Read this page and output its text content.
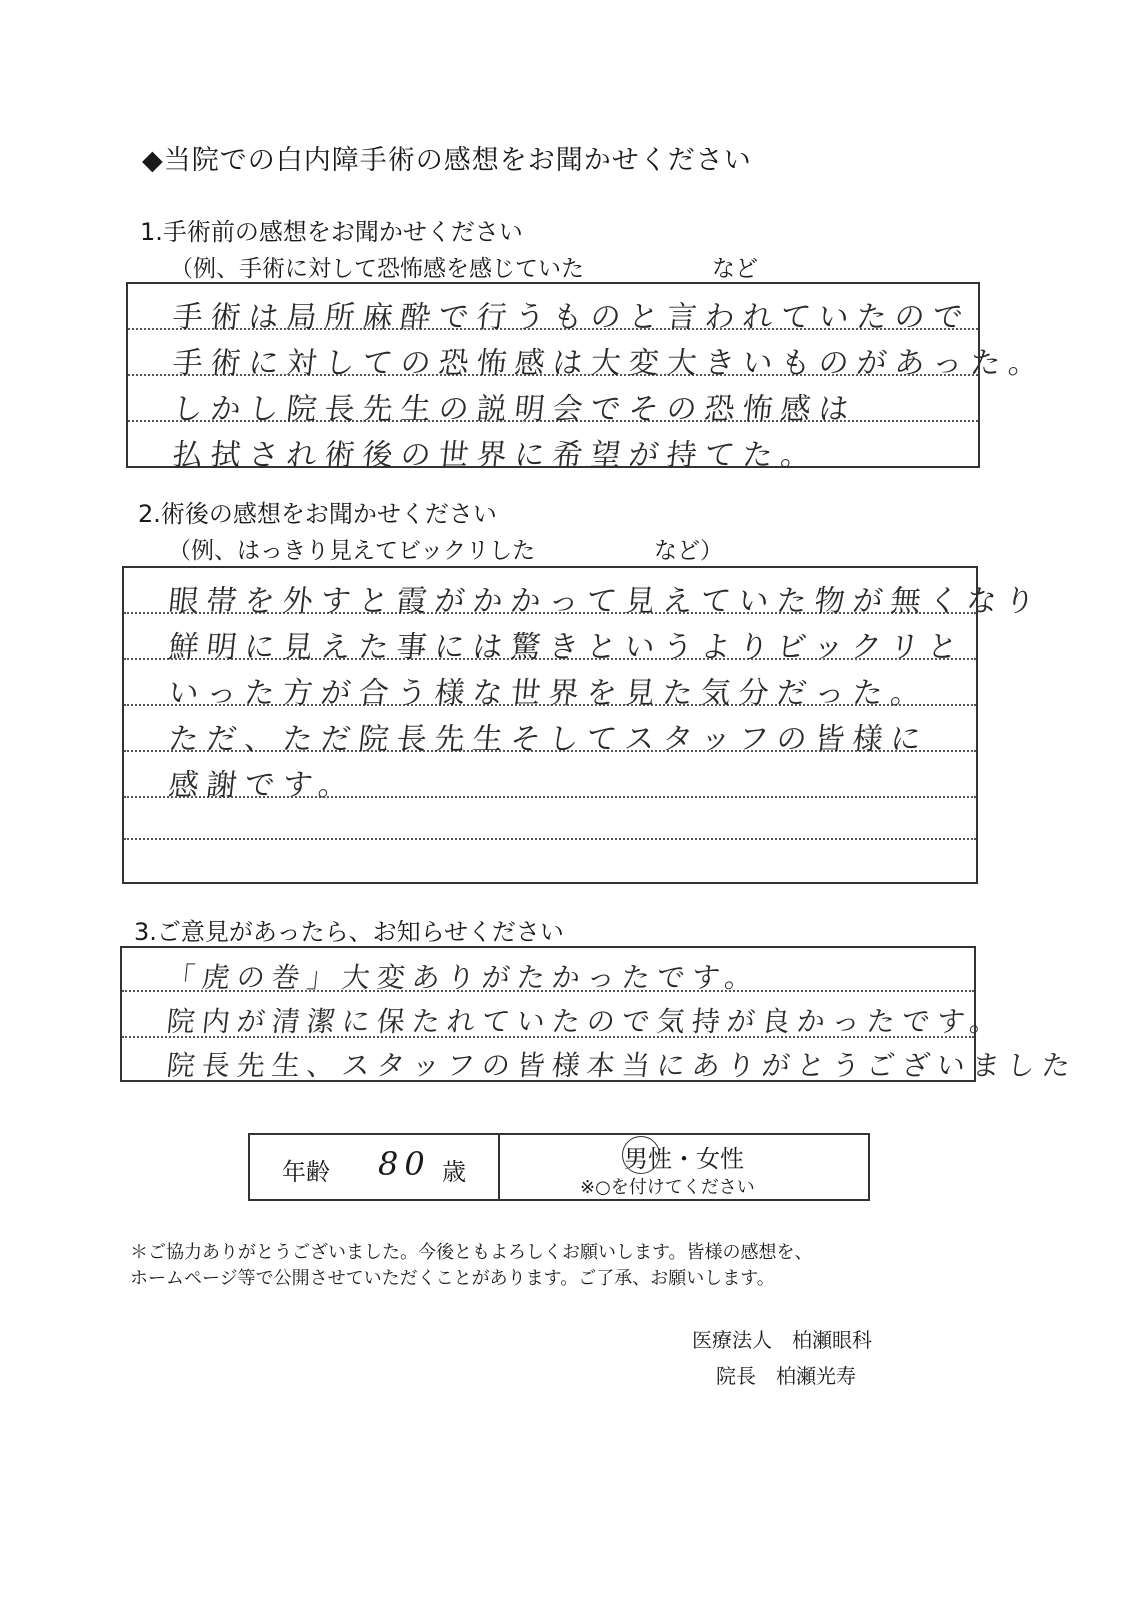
◆当院での白内障手術の感想をお聞かせください
1.手術前の感想をお聞かせください
（例、手術に対して恐怖感を感じていた	など
手術は局所麻酔で行うものと言われていたので
手術に対しての恐怖感は大変大きいものがあった。
しかし院長先生の説明会でその恐怖感は
払拭され術後の世界に希望が持てた。
2.術後の感想をお聞かせください
（例、はっきり見えてビックリした	など）
眼帯を外すと霞がかかって見えていた物が無くなり
鮮明に見えた事には驚きというよりビックリと
いった方が合う様な世界を見た気分だった。
ただ、ただ院長先生そしてスタッフの皆様に
感謝です。
3.ご意見があったら、お知らせください
「虎の巻」大変ありがたかったです。
院内が清潔に保たれていたので気持が良かったです。
院長先生、スタッフの皆様本当にありがとうございました
年齢 80 歳	男性
・女性
※○を付けてください
＊ご協力ありがとうございました。今後ともよろしくお願いします。皆様の感想を、
ホームページ等で公開させていただくことがあります。ご了承、お願いします。
医療法人　柏瀬眼科
院長　柏瀬光寿
